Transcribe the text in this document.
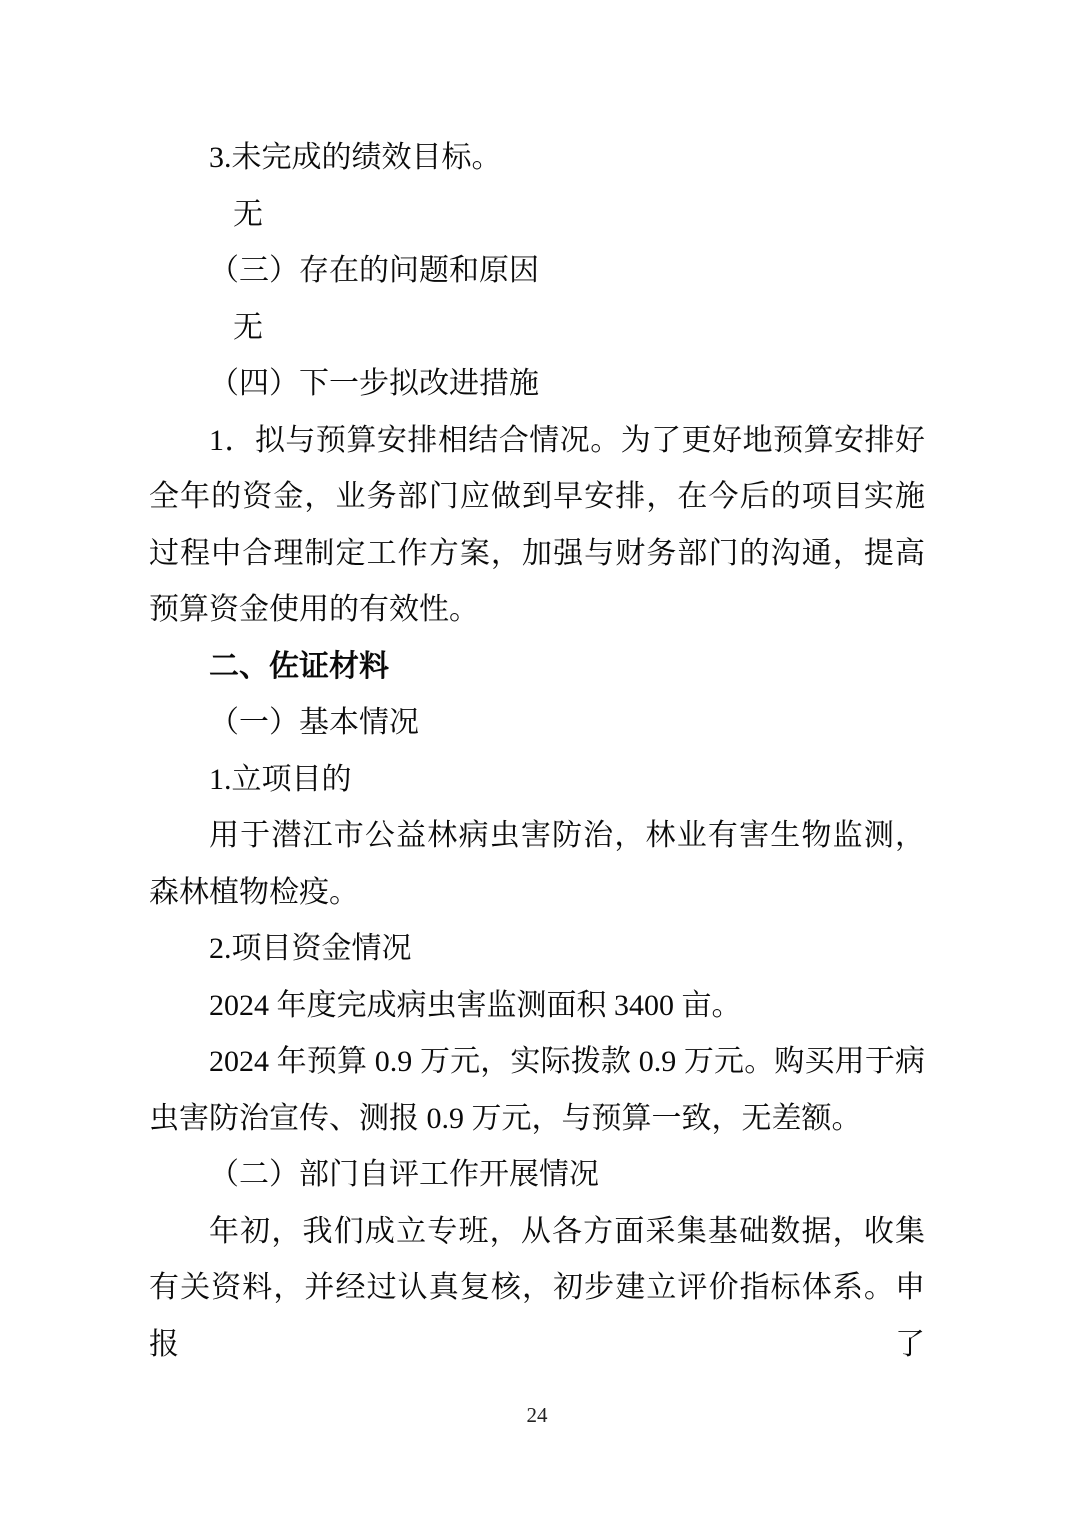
3.未完成的绩效目标。

无

（三）存在的问题和原因

无

（四）下一步拟改进措施

1．拟与预算安排相结合情况。为了更好地预算安排好全年的资金，业务部门应做到早安排，在今后的项目实施过程中合理制定工作方案，加强与财务部门的沟通，提高预算资金使用的有效性。

二、佐证材料

（一）基本情况

1.立项目的

用于潜江市公益林病虫害防治，林业有害生物监测，森林植物检疫。

2.项目资金情况

2024 年度完成病虫害监测面积 3400 亩。

2024 年预算 0.9 万元，实际拨款 0.9 万元。购买用于病虫害防治宣传、测报 0.9 万元，与预算一致，无差额。

（二）部门自评工作开展情况

年初，我们成立专班，从各方面采集基础数据，收集有关资料，并经过认真复核，初步建立评价指标体系。申报了

24
